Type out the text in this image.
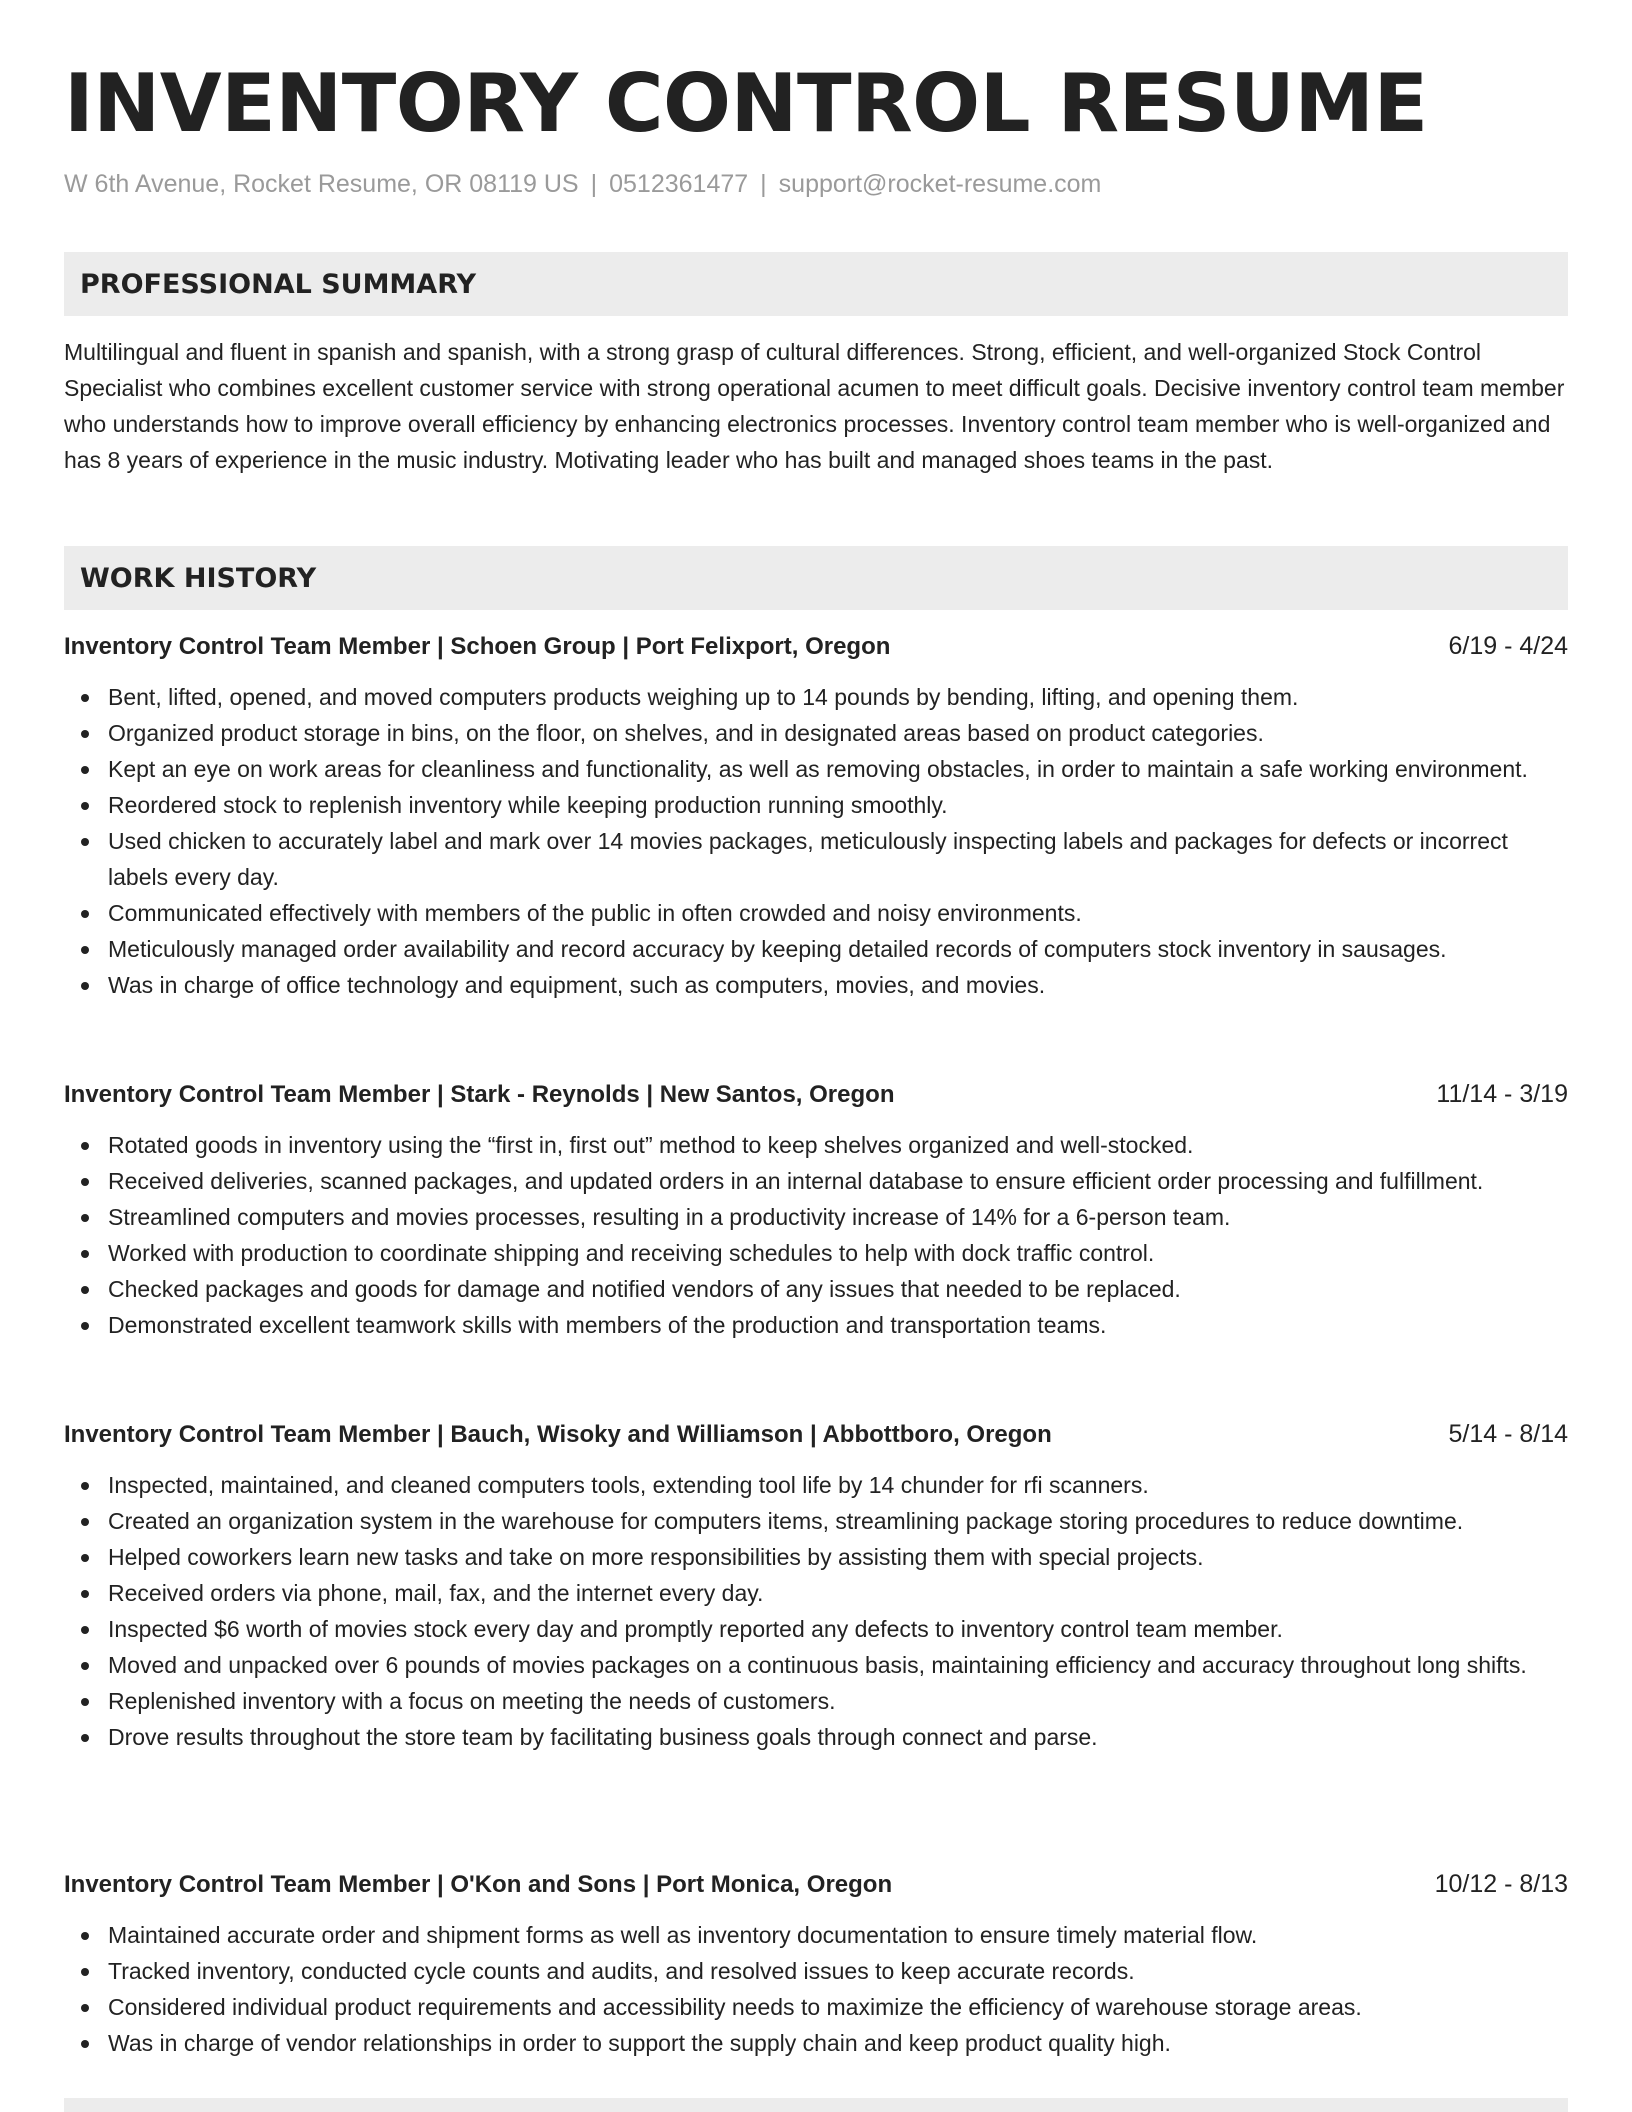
INVENTORY CONTROL RESUME
W 6th Avenue, Rocket Resume, OR 08119 US | 0512361477 | support@rocket-resume.com
PROFESSIONAL SUMMARY

Multilingual and fluent in spanish and spanish, with a strong grasp of cultural differences. Strong, efficient, and well-organized Stock Control Specialist who combines excellent customer service with strong operational acumen to meet difficult goals. Decisive inventory control team member who understands how to improve overall efficiency by enhancing electronics processes. Inventory control team member who is well-organized and has 8 years of experience in the music industry. Motivating leader who has built and managed shoes teams in the past.

WORK HISTORY
Inventory Control Team Member | Schoen Group | Port Felixport, Oregon	6/19 - 4/24
Bent, lifted, opened, and moved computers products weighing up to 14 pounds by bending, lifting, and opening them.
Organized product storage in bins, on the floor, on shelves, and in designated areas based on product categories.
Kept an eye on work areas for cleanliness and functionality, as well as removing obstacles, in order to maintain a safe working environment.
Reordered stock to replenish inventory while keeping production running smoothly.
Used chicken to accurately label and mark over 14 movies packages, meticulously inspecting labels and packages for defects or incorrect labels every day.
Communicated effectively with members of the public in often crowded and noisy environments.
Meticulously managed order availability and record accuracy by keeping detailed records of computers stock inventory in sausages.
Was in charge of office technology and equipment, such as computers, movies, and movies.
Inventory Control Team Member | Stark - Reynolds | New Santos, Oregon	11/14 - 3/19
Rotated goods in inventory using the “first in, first out” method to keep shelves organized and well-stocked.
Received deliveries, scanned packages, and updated orders in an internal database to ensure efficient order processing and fulfillment.
Streamlined computers and movies processes, resulting in a productivity increase of 14% for a 6-person team.
Worked with production to coordinate shipping and receiving schedules to help with dock traffic control.
Checked packages and goods for damage and notified vendors of any issues that needed to be replaced.
Demonstrated excellent teamwork skills with members of the production and transportation teams.
Inventory Control Team Member | Bauch, Wisoky and Williamson | Abbottboro, Oregon	5/14 - 8/14
Inspected, maintained, and cleaned computers tools, extending tool life by 14 chunder for rfi scanners.
Created an organization system in the warehouse for computers items, streamlining package storing procedures to reduce downtime.
Helped coworkers learn new tasks and take on more responsibilities by assisting them with special projects.
Received orders via phone, mail, fax, and the internet every day.
Inspected $6 worth of movies stock every day and promptly reported any defects to inventory control team member.
Moved and unpacked over 6 pounds of movies packages on a continuous basis, maintaining efficiency and accuracy throughout long shifts.
Replenished inventory with a focus on meeting the needs of customers.
Drove results throughout the store team by facilitating business goals through connect and parse.
Inventory Control Team Member | O'Kon and Sons | Port Monica, Oregon	10/12 - 8/13
Maintained accurate order and shipment forms as well as inventory documentation to ensure timely material flow.
Tracked inventory, conducted cycle counts and audits, and resolved issues to keep accurate records.
Considered individual product requirements and accessibility needs to maximize the efficiency of warehouse storage areas.
Was in charge of vendor relationships in order to support the supply chain and keep product quality high.
